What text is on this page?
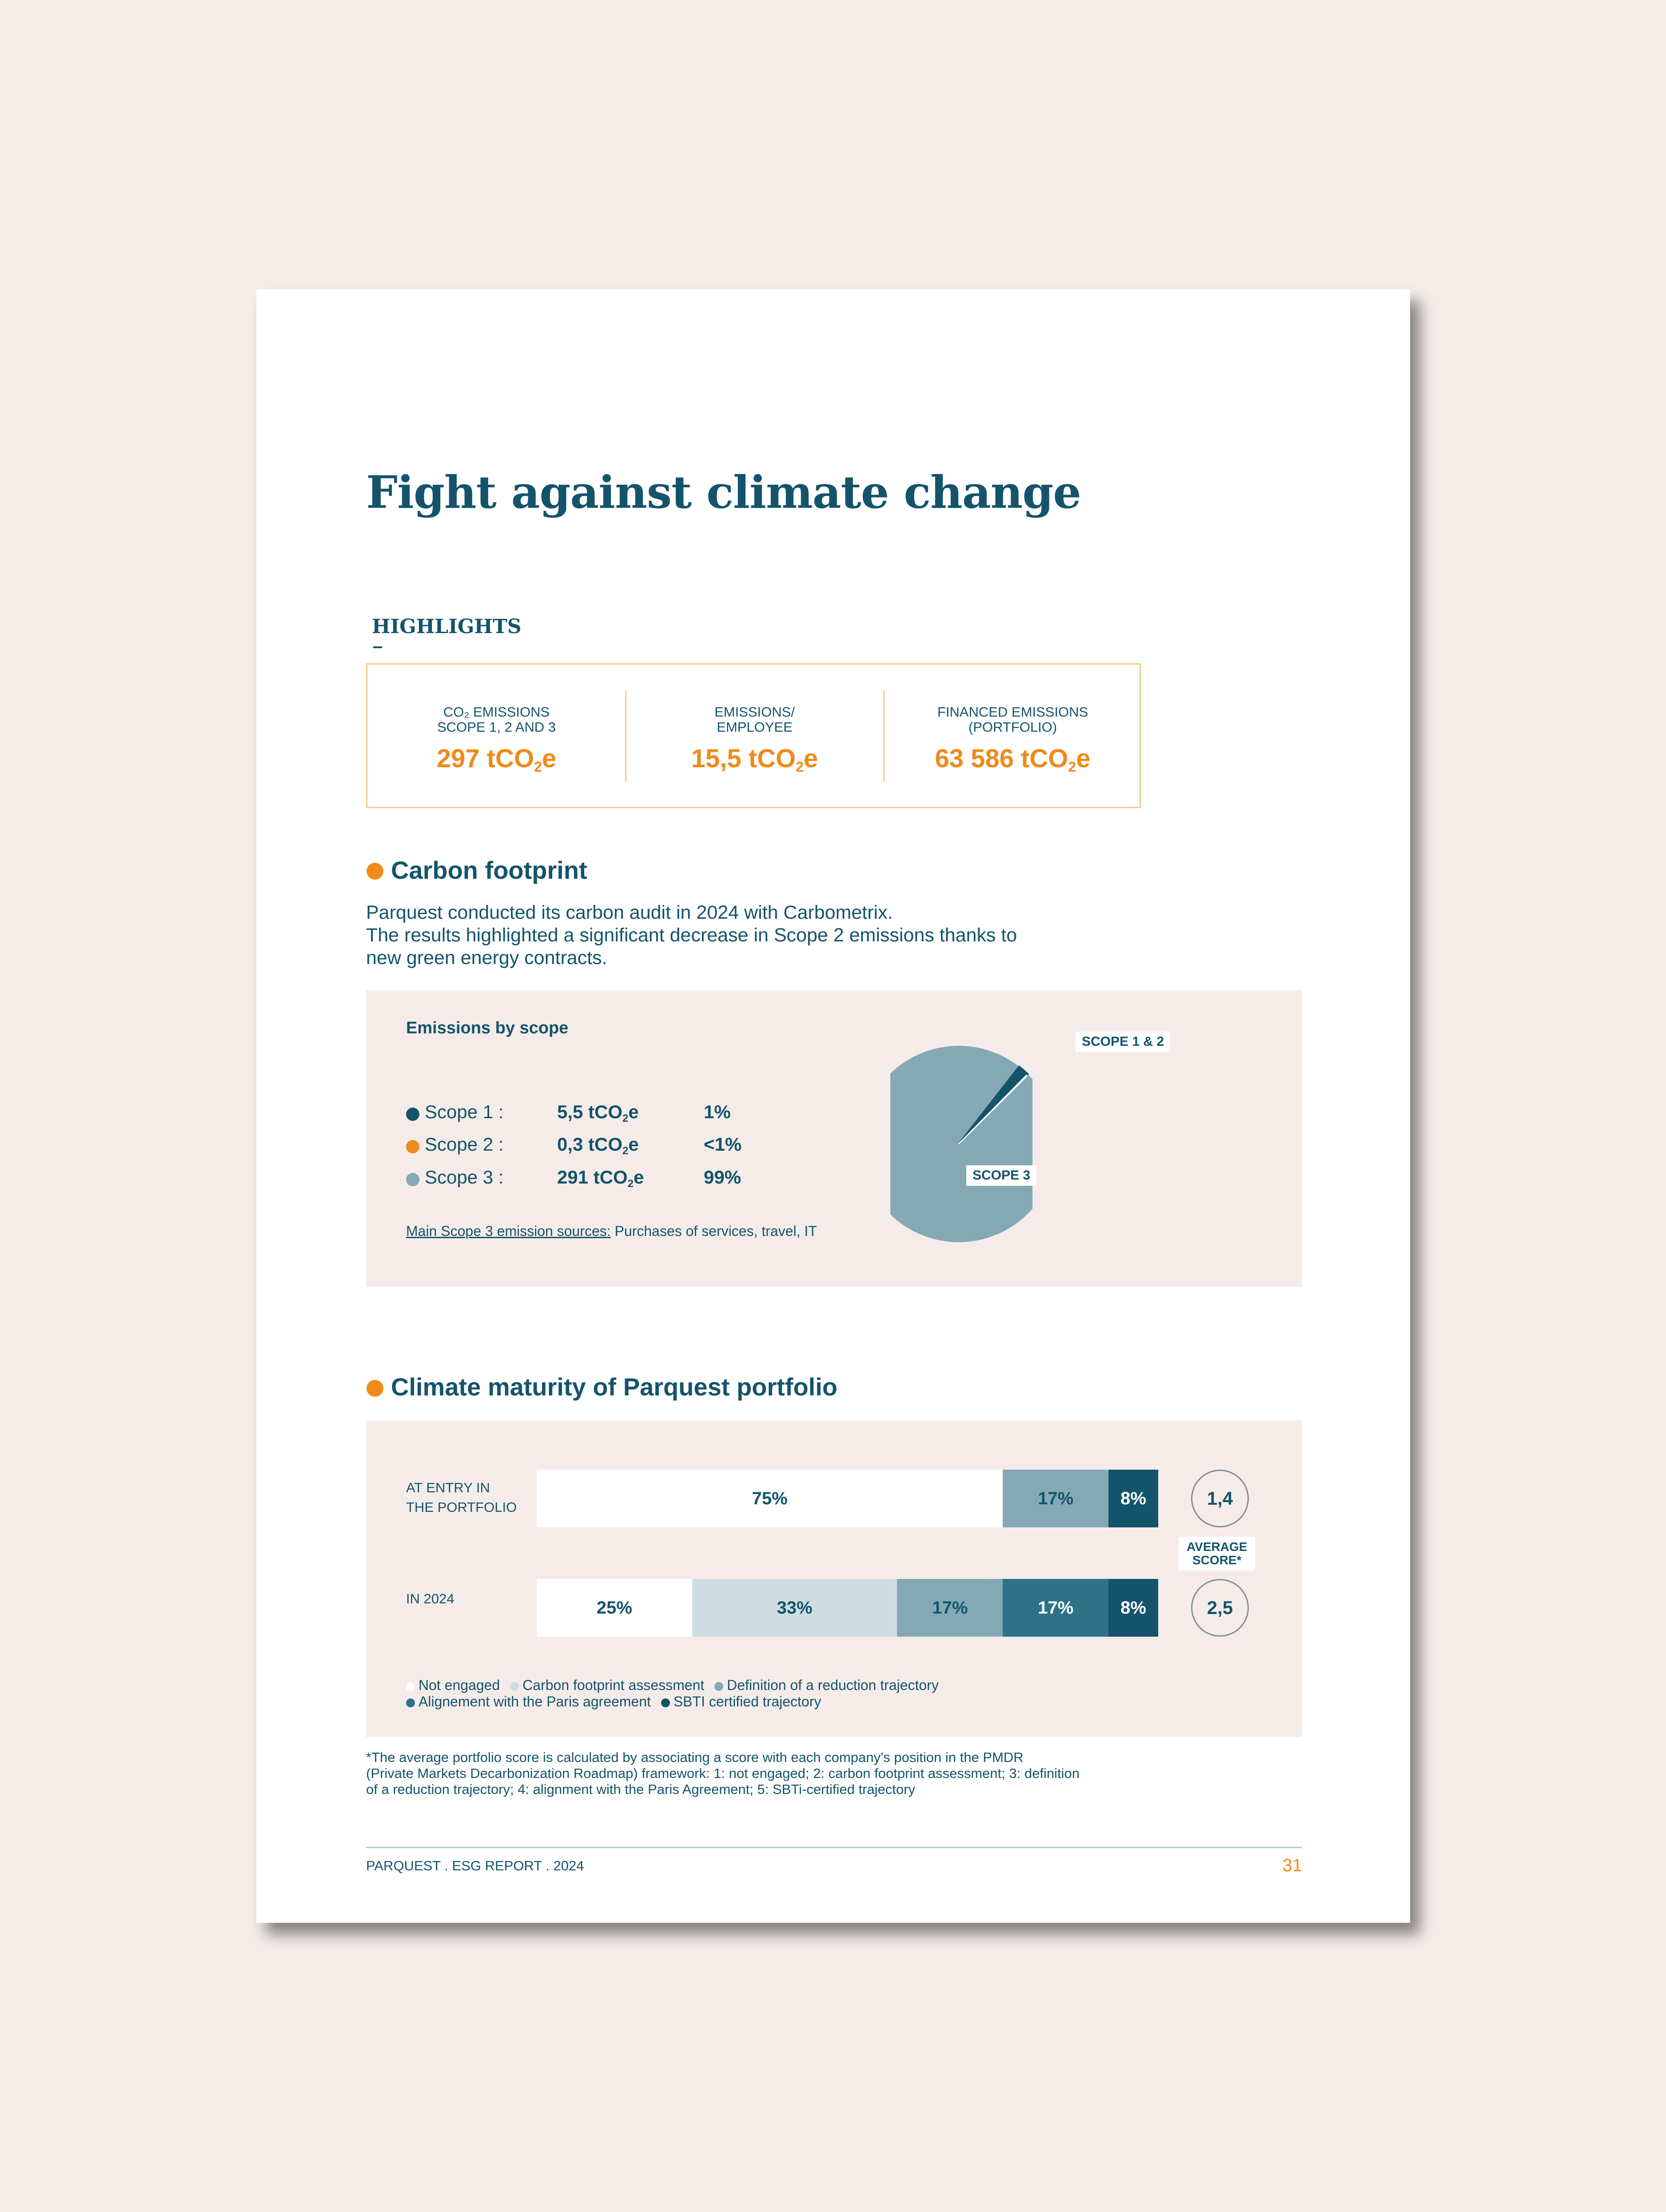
Fight against climate change
HIGHLIGHTS
CO₂ EMISSIONS
SCOPE 1, 2 AND 3
297 tCO$_2$e
EMISSIONS/
EMPLOYEE
15,5 tCO$_2$e
FINANCED EMISSIONS
(PORTFOLIO)
63 586 tCO$_2$e
Carbon footprint

Parquest conducted its carbon audit in 2024 with Carbometrix.

The results highlighted a significant decrease in Scope 2 emissions thanks to

new green energy contracts.

Emissions by scope
Scope 1 :	5,5 tCO$_2$e	1%
Scope 2 :	0,3 tCO$_2$e	<1%
Scope 3 :	291 tCO$_2$e	99%
Main Scope 3 emission sources: Purchases of services, travel, IT
SCOPE 1 & 2
SCOPE 3
Climate maturity of Parquest portfolio
AT ENTRY IN
THE PORTFOLIO	75%	17%	8%
IN 2024	25%	33%	17%	17%	8%
1,4
AVERAGE
SCORE*
2,5
Not engaged Carbon footprint assessment Definition of a reduction trajectory
Alignement with the Paris agreement SBTI certified trajectory
*The average portfolio score is calculated by associating a score with each company’s position in the PMDR
(Private Markets Decarbonization Roadmap) framework: 1: not engaged; 2: carbon footprint assessment; 3: definition
of a reduction trajectory; 4: alignment with the Paris Agreement; 5: SBTi-certified trajectory
PARQUEST . ESG REPORT . 2024	31
